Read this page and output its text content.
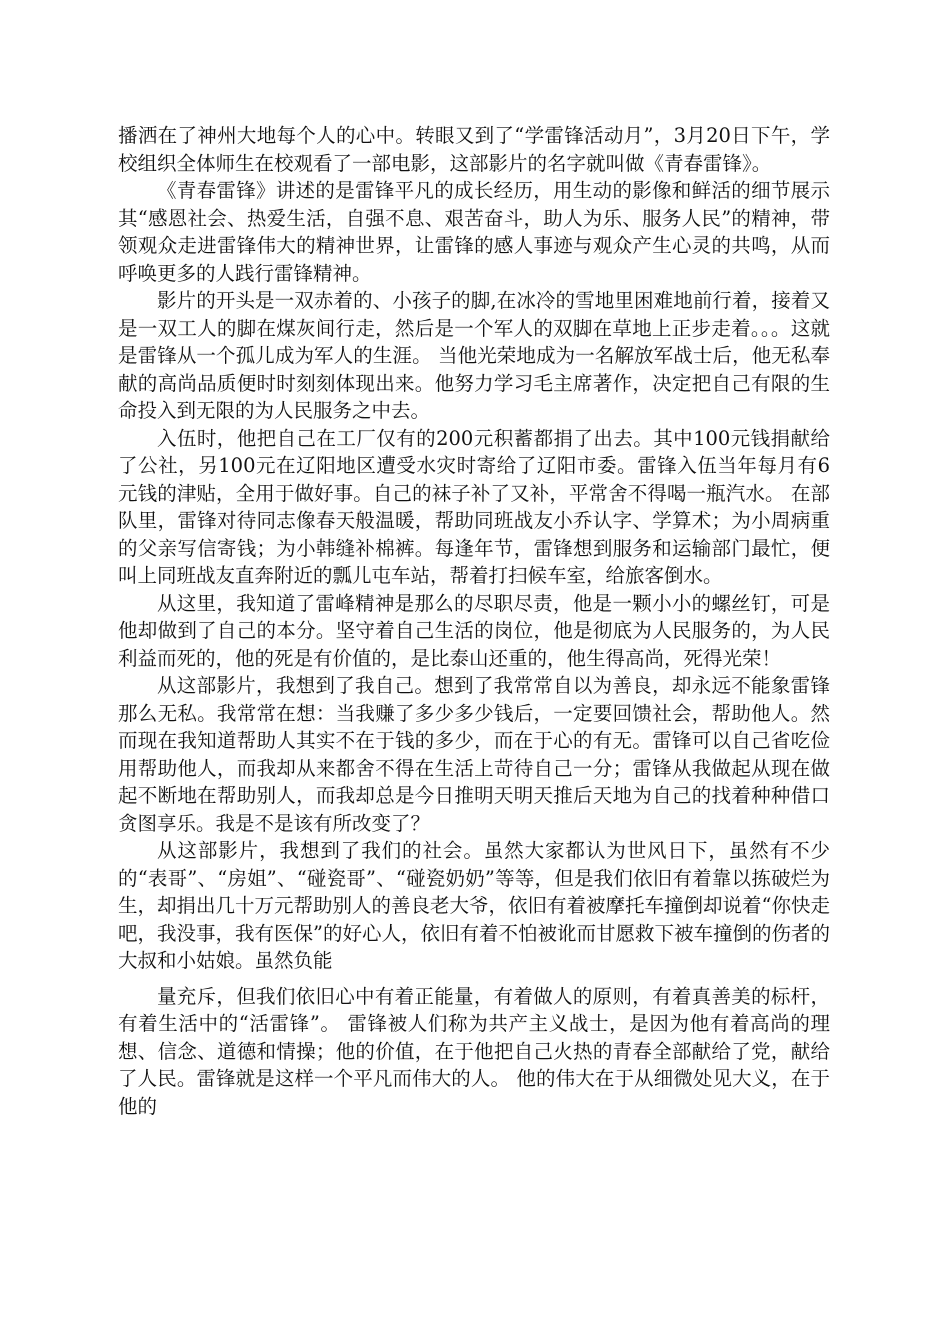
播洒在了神州大地每个人的心中。转眼又到了“学雷锋活动月”，3月20日下午，学校组织全体师生在校观看了一部电影，这部影片的名字就叫做《青春雷锋》。

《青春雷锋》讲述的是雷锋平凡的成长经历，用生动的影像和鲜活的细节展示其“感恩社会、热爱生活，自强不息、艰苦奋斗，助人为乐、服务人民”的精神，带领观众走进雷锋伟大的精神世界，让雷锋的感人事迹与观众产生心灵的共鸣，从而呼唤更多的人践行雷锋精神。

影片的开头是一双赤着的、小孩子的脚,在冰冷的雪地里困难地前行着，接着又是一双工人的脚在煤灰间行走，然后是一个军人的双脚在草地上正步走着。。。这就是雷锋从一个孤儿成为军人的生涯。 当他光荣地成为一名解放军战士后，他无私奉献的高尚品质便时时刻刻体现出来。他努力学习毛主席著作，决定把自己有限的生命投入到无限的为人民服务之中去。

入伍时，他把自己在工厂仅有的200元积蓄都捐了出去。其中100元钱捐献给了公社，另100元在辽阳地区遭受水灾时寄给了辽阳市委。雷锋入伍当年每月有6元钱的津贴，全用于做好事。自己的袜子补了又补，平常舍不得喝一瓶汽水。 在部队里，雷锋对待同志像春天般温暖，帮助同班战友小乔认字、学算术；为小周病重的父亲写信寄钱；为小韩缝补棉裤。每逢年节，雷锋想到服务和运输部门最忙，便叫上同班战友直奔附近的瓢儿屯车站，帮着打扫候车室，给旅客倒水。

从这里，我知道了雷峰精神是那么的尽职尽责，他是一颗小小的螺丝钉，可是他却做到了自己的本分。坚守着自己生活的岗位，他是彻底为人民服务的，为人民利益而死的，他的死是有价值的，是比泰山还重的，他生得高尚，死得光荣！

从这部影片，我想到了我自己。想到了我常常自以为善良，却永远不能象雷锋那么无私。我常常在想：当我赚了多少多少钱后，一定要回馈社会，帮助他人。然而现在我知道帮助人其实不在于钱的多少，而在于心的有无。雷锋可以自己省吃俭用帮助他人，而我却从来都舍不得在生活上苛待自己一分；雷锋从我做起从现在做起不断地在帮助别人，而我却总是今日推明天明天推后天地为自己的找着种种借口贪图享乐。我是不是该有所改变了？

从这部影片，我想到了我们的社会。虽然大家都认为世风日下，虽然有不少的“表哥”、“房姐”、“碰瓷哥”、“碰瓷奶奶”等等，但是我们依旧有着靠以拣破烂为生，却捐出几十万元帮助别人的善良老大爷，依旧有着被摩托车撞倒却说着“你快走吧，我没事，我有医保”的好心人，依旧有着不怕被讹而甘愿救下被车撞倒的伤者的大叔和小姑娘。虽然负能

量充斥，但我们依旧心中有着正能量，有着做人的原则，有着真善美的标杆，有着生活中的“活雷锋”。 雷锋被人们称为共产主义战士，是因为他有着高尚的理想、信念、道德和情操；他的价值，在于他把自己火热的青春全部献给了党，献给了人民。雷锋就是这样一个平凡而伟大的人。 他的伟大在于从细微处见大义，在于他的
